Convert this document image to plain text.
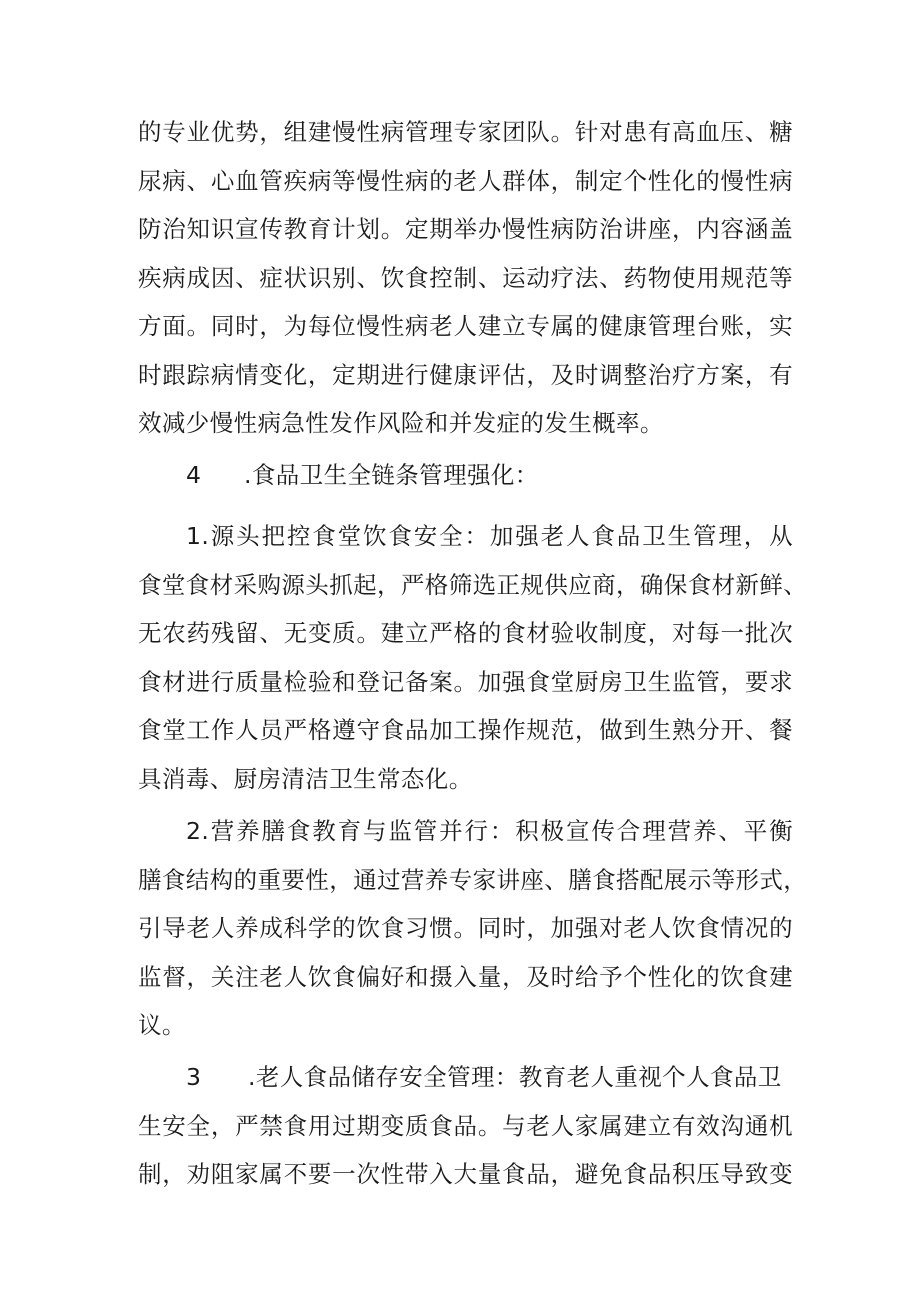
的专业优势，组建慢性病管理专家团队。针对患有高血压、糖
尿病、心血管疾病等慢性病的老人群体，制定个性化的慢性病
防治知识宣传教育计划。定期举办慢性病防治讲座，内容涵盖
疾病成因、症状识别、饮食控制、运动疗法、药物使用规范等
方面。同时，为每位慢性病老人建立专属的健康管理台账，实
时跟踪病情变化，定期进行健康评估，及时调整治疗方案，有
效减少慢性病急性发作风险和并发症的发生概率。
4 .食品卫生全链条管理强化：
1.源头把控食堂饮食安全：加强老人食品卫生管理，从
食堂食材采购源头抓起，严格筛选正规供应商，确保食材新鲜、
无农药残留、无变质。建立严格的食材验收制度，对每一批次
食材进行质量检验和登记备案。加强食堂厨房卫生监管，要求
食堂工作人员严格遵守食品加工操作规范，做到生熟分开、餐
具消毒、厨房清洁卫生常态化。
2.营养膳食教育与监管并行：积极宣传合理营养、平衡
膳食结构的重要性，通过营养专家讲座、膳食搭配展示等形式，
引导老人养成科学的饮食习惯。同时，加强对老人饮食情况的
监督，关注老人饮食偏好和摄入量，及时给予个性化的饮食建
议。
3 .老人食品储存安全管理：教育老人重视个人食品卫
生安全，严禁食用过期变质食品。与老人家属建立有效沟通机
制，劝阻家属不要一次性带入大量食品，避免食品积压导致变
